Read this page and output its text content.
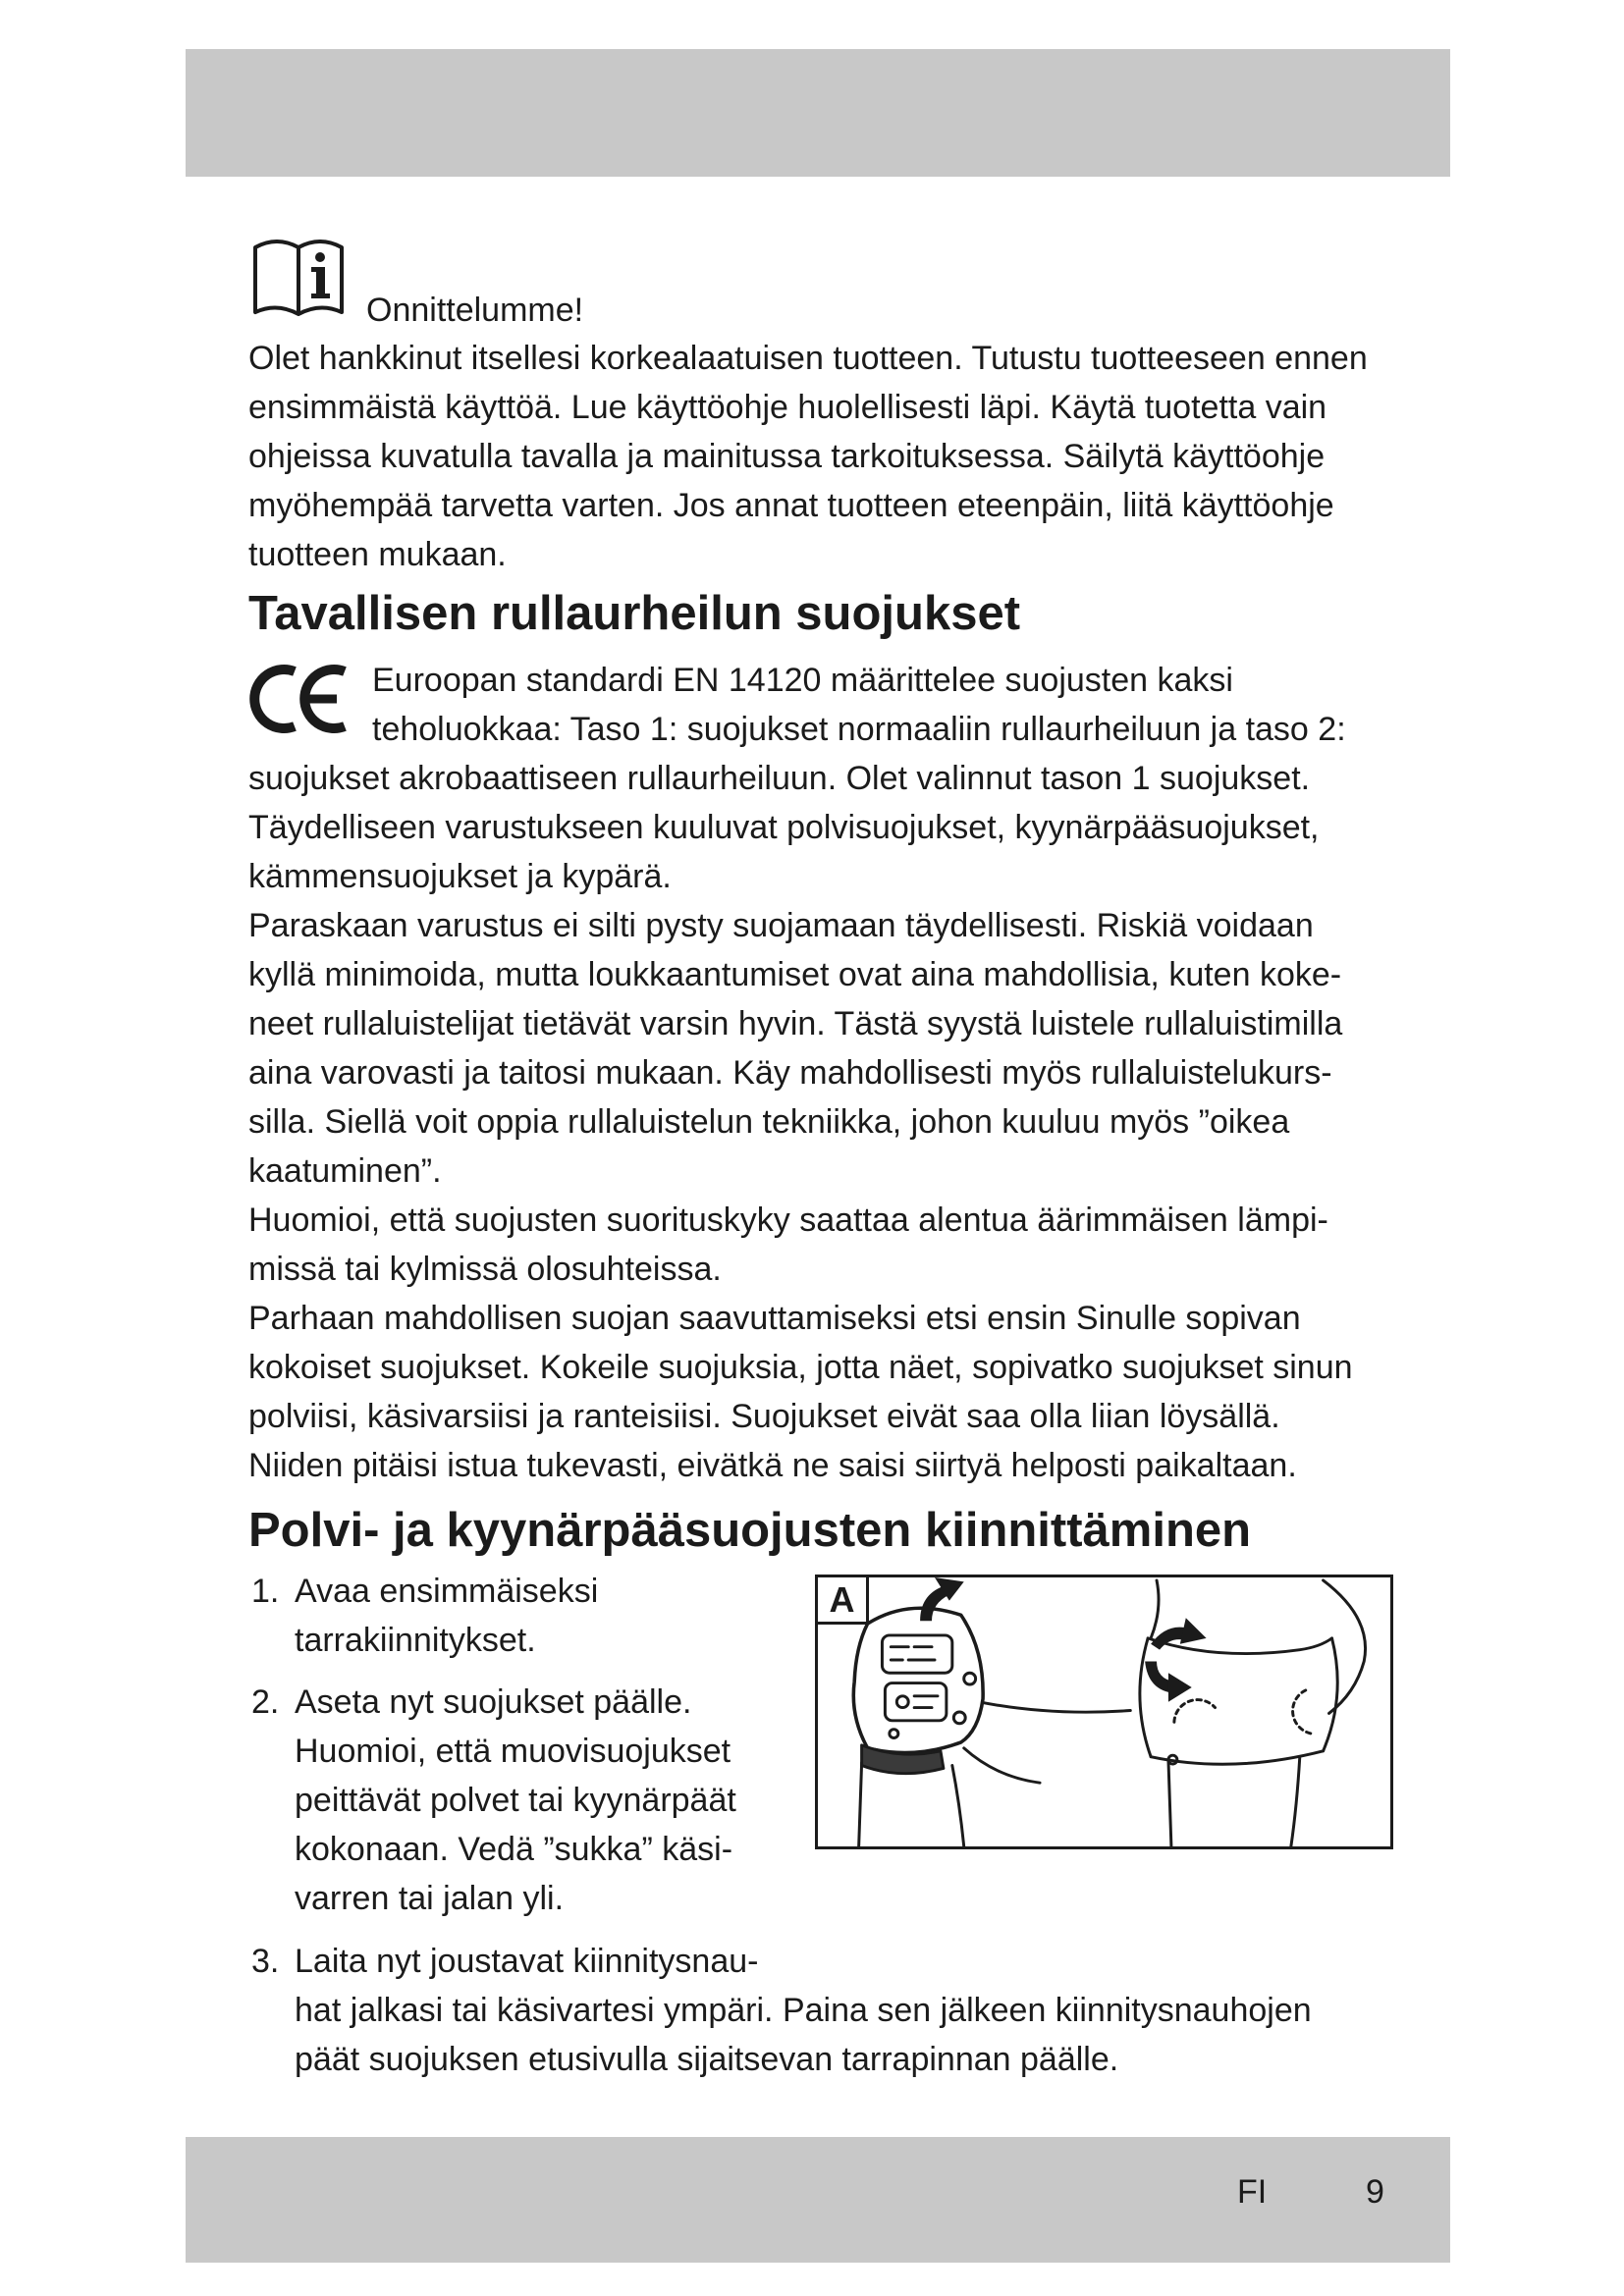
Onnittelumme!
Olet hankkinut itsellesi korkealaatuisen tuotteen. Tutustu tuotteeseen ennen
ensimmäistä käyttöä. Lue käyttöohje huolellisesti läpi. Käytä tuotetta vain
ohjeissa kuvatulla tavalla ja mainitussa tarkoituksessa. Säilytä käyttöohje
myöhempää tarvetta varten. Jos annat tuotteen eteenpäin, liitä käyttöohje
tuotteen mukaan.
Tavallisen rullaurheilun suojukset
Euroopan standardi EN 14120 määrittelee suojusten kaksi
teholuokkaa: Taso 1: suojukset normaaliin rullaurheiluun ja taso 2:
suojukset akrobaattiseen rullaurheiluun. Olet valinnut tason 1 suojukset.
Täydelliseen varustukseen kuuluvat polvisuojukset, kyynärpääsuojukset,
kämmensuojukset ja kypärä.
Paraskaan varustus ei silti pysty suojamaan täydellisesti. Riskiä voidaan
kyllä minimoida, mutta loukkaantumiset ovat aina mahdollisia, kuten koke-
neet rullaluistelijat tietävät varsin hyvin. Tästä syystä luistele rullaluistimilla
aina varovasti ja taitosi mukaan. Käy mahdollisesti myös rullaluistelukurs-
silla. Siellä voit oppia rullaluistelun tekniikka, johon kuuluu myös ”oikea
kaatuminen”.
Huomioi, että suojusten suorituskyky saattaa alentua äärimmäisen lämpi-
missä tai kylmissä olosuhteissa.
Parhaan mahdollisen suojan saavuttamiseksi etsi ensin Sinulle sopivan
kokoiset suojukset. Kokeile suojuksia, jotta näet, sopivatko suojukset sinun
polviisi, käsivarsiisi ja ranteisiisi. Suojukset eivät saa olla liian löysällä.
Niiden pitäisi istua tukevasti, eivätkä ne saisi siirtyä helposti paikaltaan.
Polvi- ja kyynärpääsuojusten kiinnittäminen
1. Avaa ensimmäiseksi
tarrakiinnitykset.
2. Aseta nyt suojukset päälle.
Huomioi, että muovisuojukset
peittävät polvet tai kyynärpäät
kokonaan. Vedä ”sukka” käsi-
varren tai jalan yli.
3. Laita nyt joustavat kiinnitysnau-
hat jalkasi tai käsivartesi ympäri. Paina sen jälkeen kiinnitysnauhojen
päät suojuksen etusivulla sijaitsevan tarrapinnan päälle.
A
FI	9
